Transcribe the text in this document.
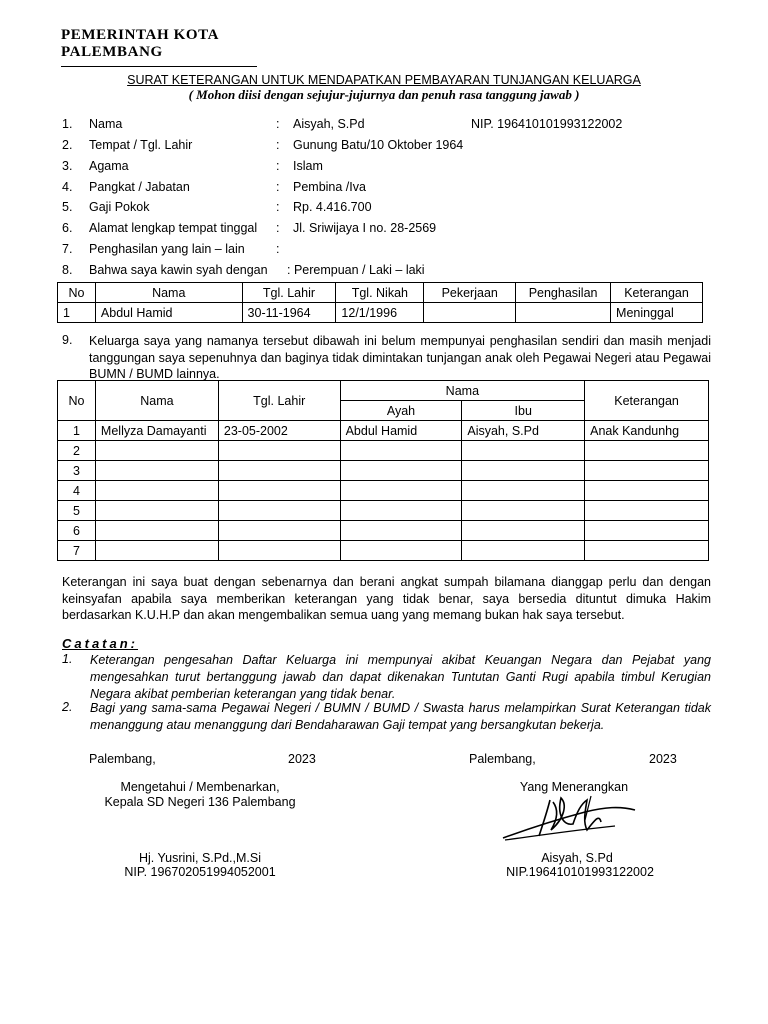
PEMERINTAH KOTA
PALEMBANG
SURAT KETERANGAN UNTUK MENDAPATKAN PEMBAYARAN TUNJANGAN KELUARGA
( Mohon diisi dengan sejujur-jujurnya dan penuh rasa tanggung jawab )
1. Nama	: Aisyah, S.Pd	NIP. 196410101993122002
2. Tempat / Tgl. Lahir	: Gunung Batu/10 Oktober 1964
3. Agama	: Islam
4. Pangkat / Jabatan	: Pembina /Iva
5. Gaji Pokok	: Rp. 4.416.700
6. Alamat lengkap tempat tinggal : Jl. Sriwijaya I no. 28-2569
7. Penghasilan yang lain – lain	:
8. Bahwa saya kawin syah dengan : Perempuan / Laki – laki
No	Nama	Tgl. Lahir	Tgl. Nikah	Pekerjaan	Penghasilan	Keterangan
1	Abdul Hamid	30-11-1964	12/1/1996			Meninggal
9. Keluarga saya yang namanya tersebut dibawah ini belum mempunyai penghasilan sendiri dan masih menjadi tanggungan saya sepenuhnya dan baginya tidak dimintakan tunjangan anak oleh Pegawai Negeri atau Pegawai BUMN / BUMD lainnya.
No	Nama	Tgl. Lahir	Nama		Keterangan
			Ayah	Ibu	
1	Mellyza Damayanti	23-05-2002	Abdul Hamid	Aisyah, S.Pd	Anak Kandunhg
2					
3					
4					
5					
6					
7					
Keterangan ini saya buat dengan sebenarnya dan berani angkat sumpah bilamana dianggap perlu dan dengan keinsyafan apabila saya memberikan keterangan yang tidak benar, saya bersedia dituntut dimuka Hakim berdasarkan K.U.H.P dan akan mengembalikan semua uang yang memang bukan hak saya tersebut.
Catatan:
1. Keterangan pengesahan Daftar Keluarga ini mempunyai akibat Keuangan Negara dan Pejabat yang mengesahkan turut bertanggung jawab dan dapat dikenakan Tuntutan Ganti Rugi apabila timbul Kerugian Negara akibat pemberian keterangan yang tidak benar.
2. Bagi yang sama-sama Pegawai Negeri / BUMN / BUMD / Swasta harus melampirkan Surat Keterangan tidak menanggung atau menanggung dari Bendaharawan Gaji tempat yang bersangkutan bekerja.
Palembang,	2023	Palembang,	2023
Mengetahui / Membenarkan,
Kepala SD Negeri 136 Palembang
Yang Menerangkan
Hj. Yusrini, S.Pd.,M.Si
NIP. 196702051994052001
Aisyah, S.Pd
NIP.196410101993122002
